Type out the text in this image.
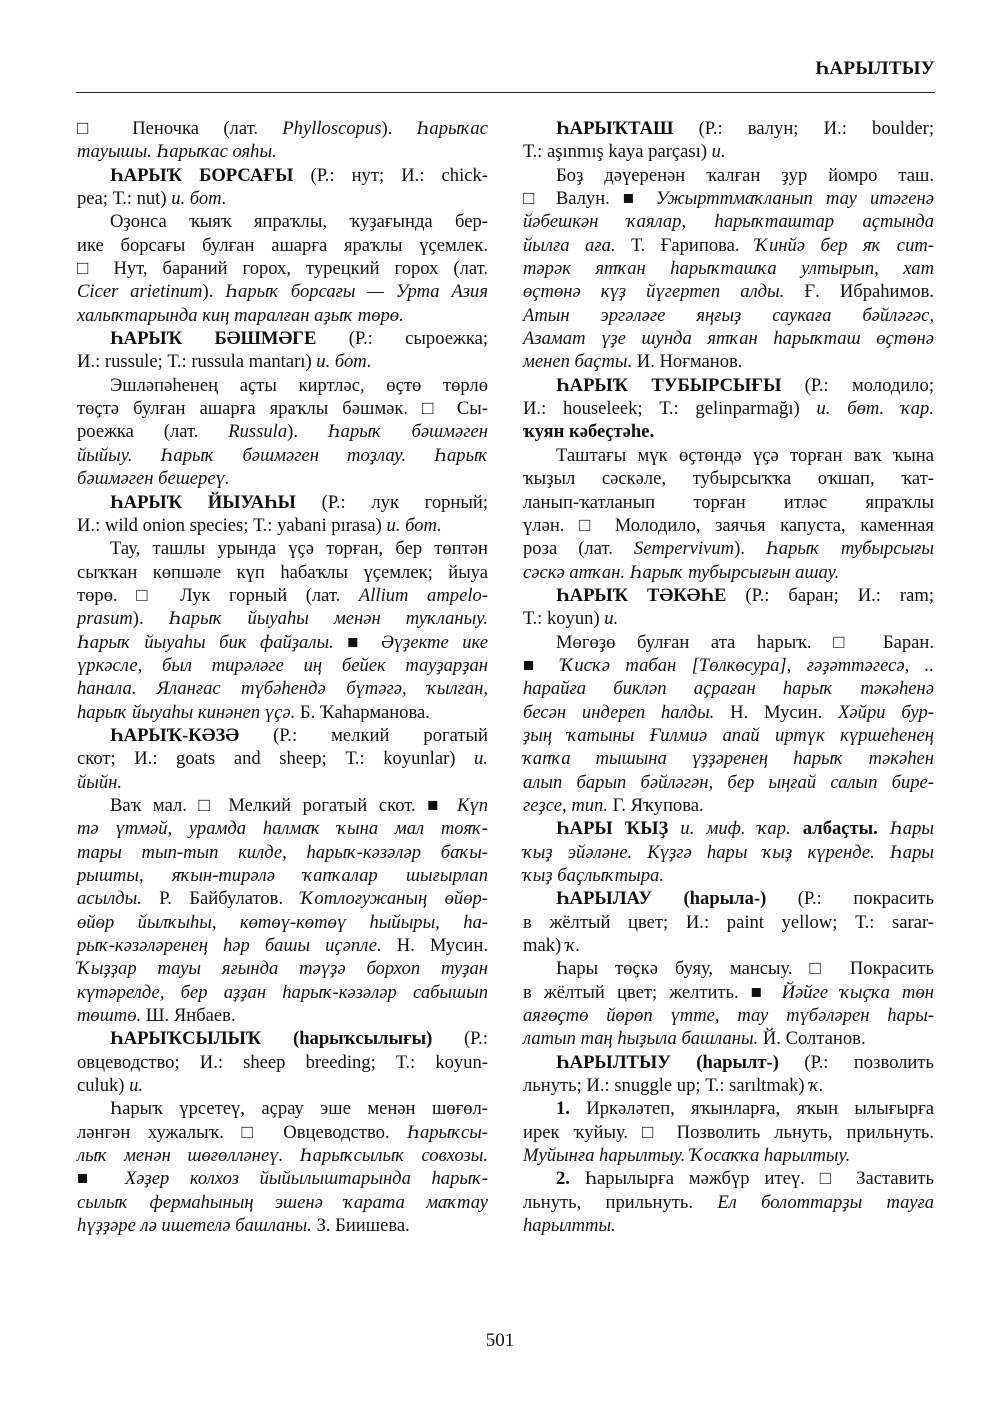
ҺАРЫЛТЫУ
□ Пеночка (лат. Phylloscopus). Һарыҡас
тауышы. Һарыҡас ояһы.
ҺАРЫҠ БОРСАҒЫ (Р.: нут; И.: chick-
pea; Т.: nut) и. бот.
Оҙонса ҡыяҡ япраҡлы, ҡуҙағында бер-
ике борсағы булған ашарға ярaҡлы үҫемлек.
□ Нут, бараний горох, турецкий горох (лат.
Cicer arietinum). Һарыҡ борсағы — Урта Азия
халыҡтарында киң таралған аҙыҡ төрө.
ҺАРЫҠ БӘШМӘГЕ (Р.: сыроежка;
И.: russule; Т.: russula mantarı) и. бот.
Эшләпәһенең аҫты киртләс, өҫтө төрлө
төҫтә булған ашарға ярaҡлы бәшмәк. □ Сы-
роежка (лат. Russula). Һарыҡ бәшмәген
йыйыу. Һарыҡ бәшмәген тоҙлау. Һарыҡ
бәшмәген бешереү.
ҺАРЫҠ ЙЫУАҺЫ (Р.: лук горный;
И.: wild onion species; Т.: yabani pırasa) и. бот.
Тау, ташлы урында үҫә торған, бер төптән
сыҡҡан көпшәле күп һабаҡлы үҫемлек; йыуа
төрө. □ Лук горный (лат. Allium ampelo-
prasum). Һарыҡ йыуаһы менән туҡланыу.
Һарыҡ йыуаһы бик файҙалы. ■ Әүҙекте ике
үркәсле, был тирәләге иң бейек тауҙарҙан
һанала. Яланғас түбәһендә бүтәгә, ҡылған,
һарыҡ йыуаһы кинәнеп үҫә. Б. Ҡаһарманова.
ҺАРЫҠ-КӘЗӘ (Р.: мелкий рогатый
скот; И.: goats and sheep; Т.: koyunlar) и.
йыйн.
Ваҡ мал. □ Мелкий рогатый скот. ■ Күп
тә үтмәй, урамда һалмаҡ ҡына мал тояҡ-
тары тып-тып килде, һарыҡ-кәзәләр баҡы-
рышты, яҡын-тирәлә ҡапҡалар шығырлап
асылды. Р. Байбулатов. Ҡотлоғужаның өйөр-
өйөр йылҡыһы, көтөү-көтөү һыйыры, һа-
рыҡ-кәзәләренең һәр башы иҫәпле. Н. Мусин.
Ҡыҙҙар тауы яғында тәүҙә борхоп туҙан
күтәрелде, бер аҙҙан һарыҡ-кәзәләр сабышып
төштө. Ш. Янбаев.
ҺАРЫҠСЫЛЫҠ (һарыҡсылығы) (Р.:
овцеводство; И.: sheep breeding; Т.: koyun-
culuk) и.
Һарыҡ үрсетеү, аҫрау эше менән шөғөл-
ләнгән хужалыҡ. □ Овцеводство. Һарыҡсы-
лыҡ менән шөғөлләнеү. Һарыҡсылыҡ совхозы.
■ Хәҙер колхоз йыйылыштарында һарыҡ-
сылыҡ фермаһының эшенә ҡарата маҡтау
һүҙҙәре лә ишетелә башланы. З. Биишева.
ҺАРЫҠТАШ (Р.: валун; И.: boulder;
Т.: aşınmış kaya parçası) и.
Боҙ дәүеренән ҡалған ҙур йомро таш.
□ Валун. ■ Ужырттмаҡланып тау итәгенә
йәбешкән ҡаялар, һарыҡташтар аҫтында
йылға аға. Т. Ғарипова. Ҡинйә бер яҡ сит-
тәрәк ятҡан һарыҡташҡа ултырып, хат
өҫтөнә күҙ йүгертеп алды. Ғ. Ибраһимов.
Атын эргәләге яңғыҙ саукаға бәйләгәс,
Азамат үҙе шунда ятҡан һарыҡташ өҫтөнә
менеп баҫты. И. Ноғманов.
ҺАРЫҠ ТУБЫРСЫҒЫ (Р.: молодило;
И.: houseleek; Т.: gelinparmağı) и. бөт. ҡар.
ҡуян кәбеҫтәһе.
Таштағы мүк өҫтөндә үҫә торған ваҡ ҡына
ҡыҙыл сәскәле, тубырсыҡҡа оҡшап, ҡат-
ланып-ҡатланып торған итләс япраҡлы
үлән. □ Молодило, заячья капуста, каменная
роза (лат. Sempervivum). Һарыҡ тубырсығы
сәскә атҡан. Һарыҡ тубырсығын ашау.
ҺАРЫҠ ТӘКӘҺЕ (Р.: баран; И.: ram;
Т.: koyun) и.
Мөгөҙө булған ата һарыҡ. □ Баран.
■ Ҡисҡә табан [Төлкөсура], ғәҙәттәгесә, ..
һарайға бикләп аҫраған һарыҡ тәкәһенә
бесән индереп һалды. Н. Мусин. Хәйри бур-
ҙың ҡатыны Ғилмиә апай иртүк күршеһенең
ҡапҡа тышына үҙҙәренең һарыҡ тәкәһен
алып барып бәйләгән, бер ыңғай салып бире-
геҙсе, тип. Г. Яҡупова.
ҺАРЫ ҠЫҘ и. миф. ҡар. албаҫты. Һары
ҡыҙ эйәләне. Күҙгә һары ҡыҙ күренде. Һары
ҡыҙ баҫлыҡтыра.
ҺАРЫЛАУ (һарыла-) (Р.: покрасить
в жёлтый цвет; И.: paint yellow; Т.: sarar-
mak) ҡ.
Һары төҫкә буяу, мансыу. □ Покрасить
в жёлтый цвет; желтить. ■ Йәйге ҡыҫҡа төн
аяғөҫтө йөрөп үтте, тау түбәләрен һары-
латып таң һыҙыла башланы. Й. Солтанов.
ҺАРЫЛТЫУ (һарылт-) (Р.: позволить
льнуть; И.: snuggle up; Т.: sarıltmak) ҡ.
1. Иркәләтеп, яҡынларға, яҡын ылығырға
ирек ҡуйыу. □ Позволить льнуть, прильнуть.
Муйынға һарылтыу. Ҡосаҡҡа һарылтыу.
2. Һарылырға мәжбүр итеү. □ Заставить
льнуть, прильнуть. Ел болоттарҙы тауға
һарылтты.
501
